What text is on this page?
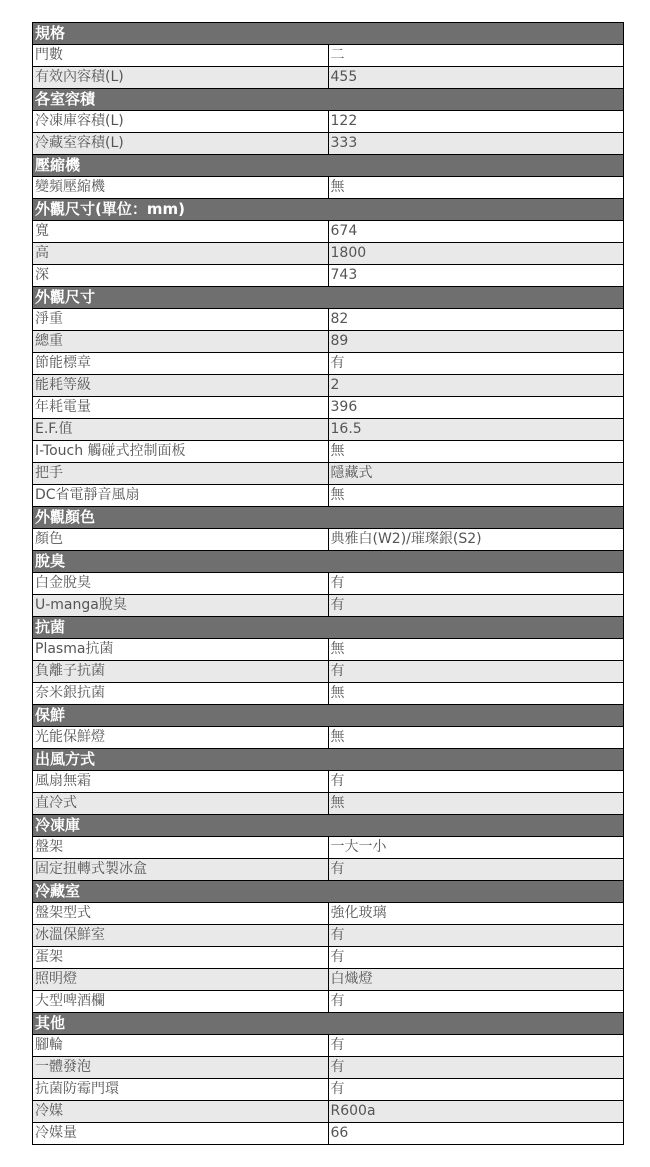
規格	
門數	二
有效內容積(L)	455
各室容積	
冷凍庫容積(L)	122
冷藏室容積(L)	333
壓縮機	
變頻壓縮機	無
外觀尺寸(單位：mm)	
寬	674
高	1800
深	743
外觀尺寸	
淨重	82
總重	89
節能標章	有
能耗等級	2
年耗電量	396
E.F.值	16.5
I-Touch 觸碰式控制面板	無
把手	隱藏式
DC省電靜音風扇	無
外觀顏色	
顏色	典雅白(W2)/璀璨銀(S2)
脫臭	
白金脫臭	有
U-manga脫臭	有
抗菌	
Plasma抗菌	無
負離子抗菌	有
奈米銀抗菌	無
保鮮	
光能保鮮燈	無
出風方式	
風扇無霜	有
直冷式	無
冷凍庫	
盤架	一大一小
固定扭轉式製冰盒	有
冷藏室	
盤架型式	強化玻璃
冰溫保鮮室	有
蛋架	有
照明燈	白熾燈
大型啤酒欄	有
其他	
腳輪	有
一體發泡	有
抗菌防霉門環	有
冷媒	R600a
冷媒量	66
